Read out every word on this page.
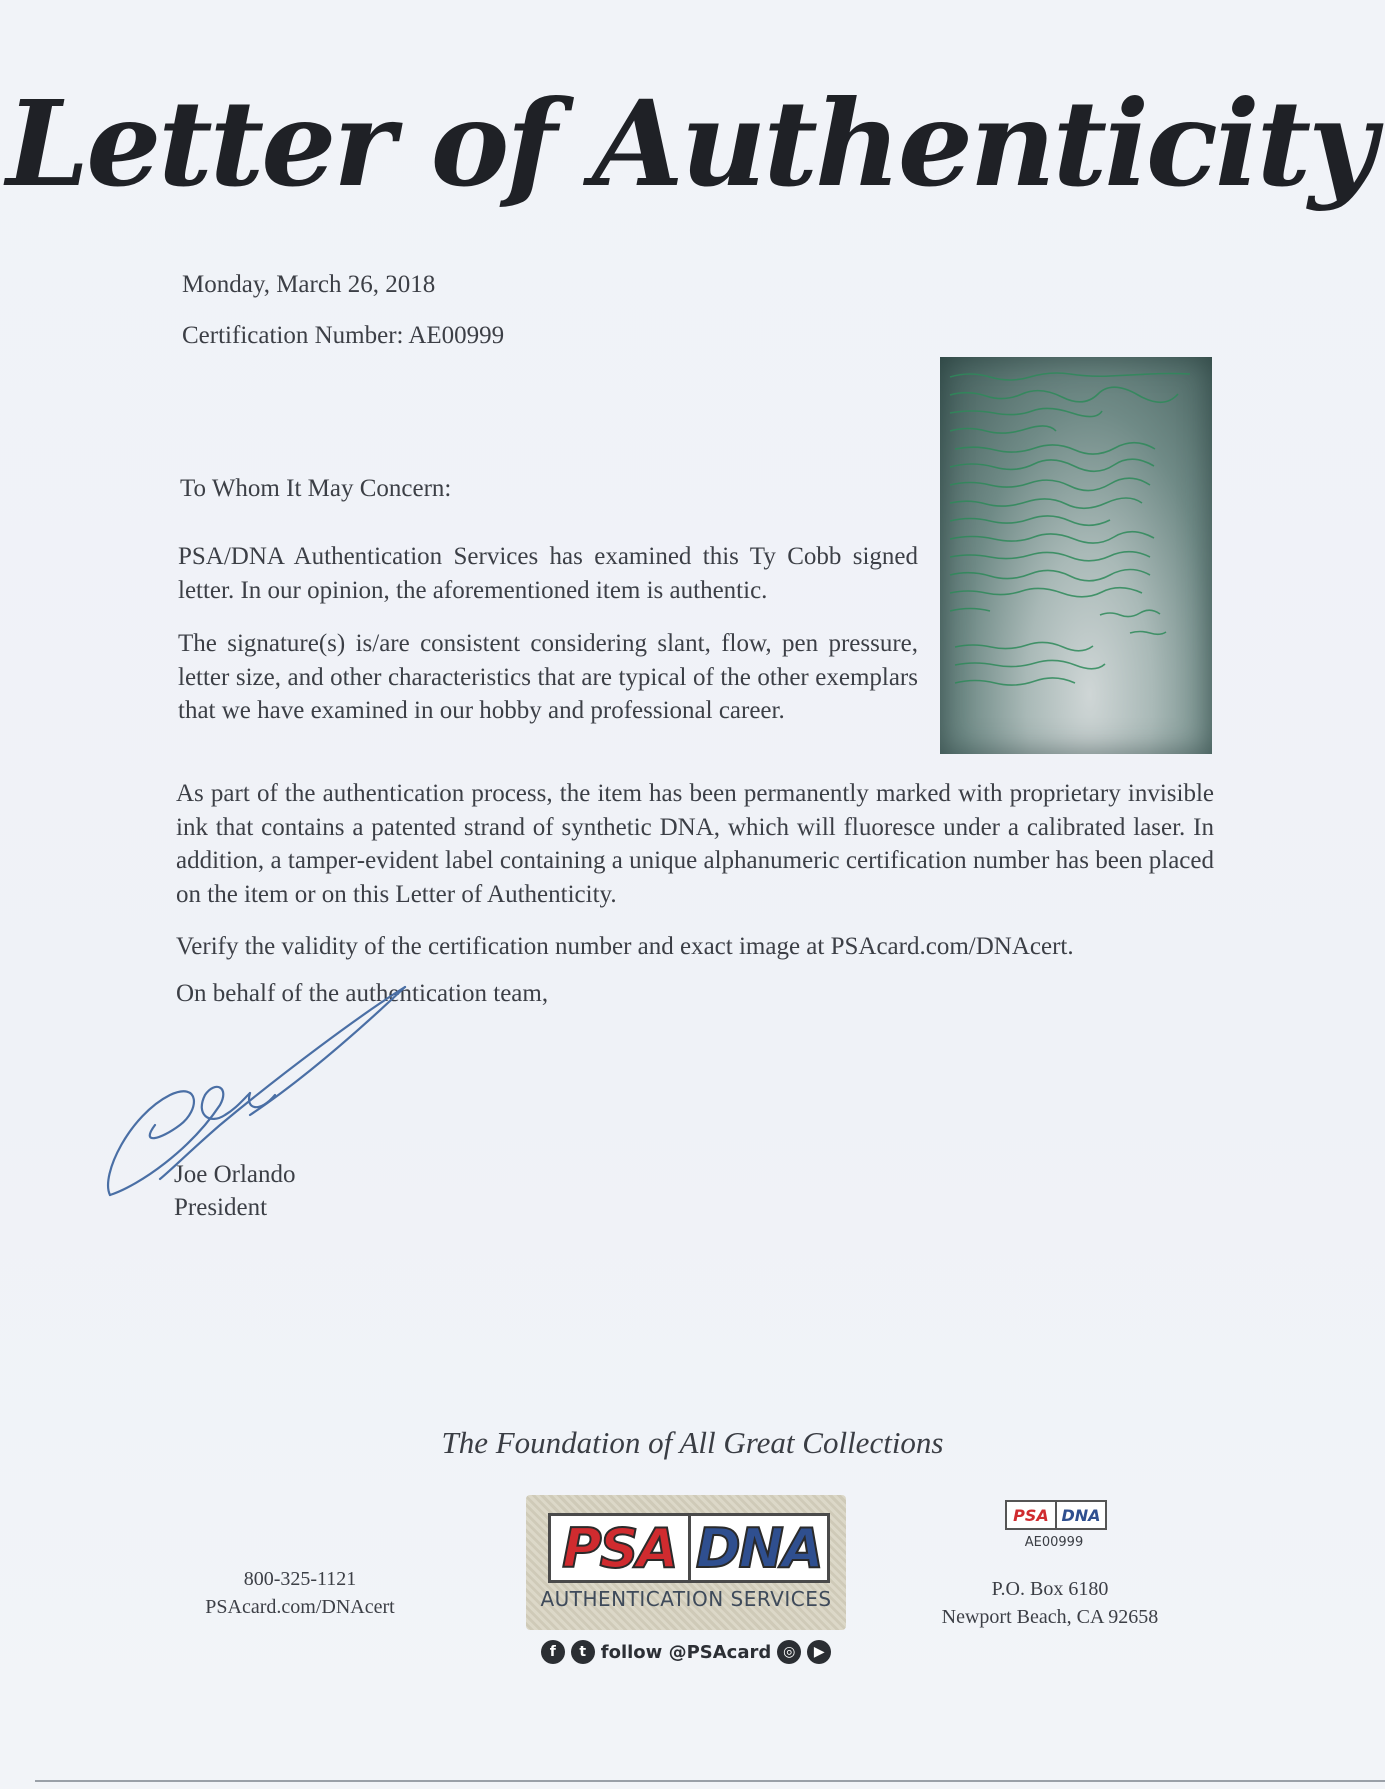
Letter of Authenticity
Monday, March 26, 2018
Certification Number: AE00999
To Whom It May Concern:

PSA/DNA Authentication Services has examined this Ty Cobb signed letter. In our opinion, the aforementioned item is authentic.

The signature(s) is/are consistent considering slant, flow, pen pressure, letter size, and other characteristics that are typical of the other exemplars that we have examined in our hobby and professional career.

As part of the authentication process, the item has been permanently marked with proprietary invisible ink that contains a patented strand of synthetic DNA, which will fluoresce under a calibrated laser. In addition, a tamper-evident label containing a unique alphanumeric certification number has been placed on the item or on this Letter of Authenticity.

Verify the validity of the certification number and exact image at PSAcard.com/DNAcert.
On behalf of the authentication team,
Joe Orlando
President
The Foundation of All Great Collections
800-325-1121
PSAcard.com/DNAcert
PSA DNA
AUTHENTICATION SERVICES
f	t follow @PSAcard ◎	▶
PSA DNA
AE00999
P.O. Box 6180
Newport Beach, CA 92658
